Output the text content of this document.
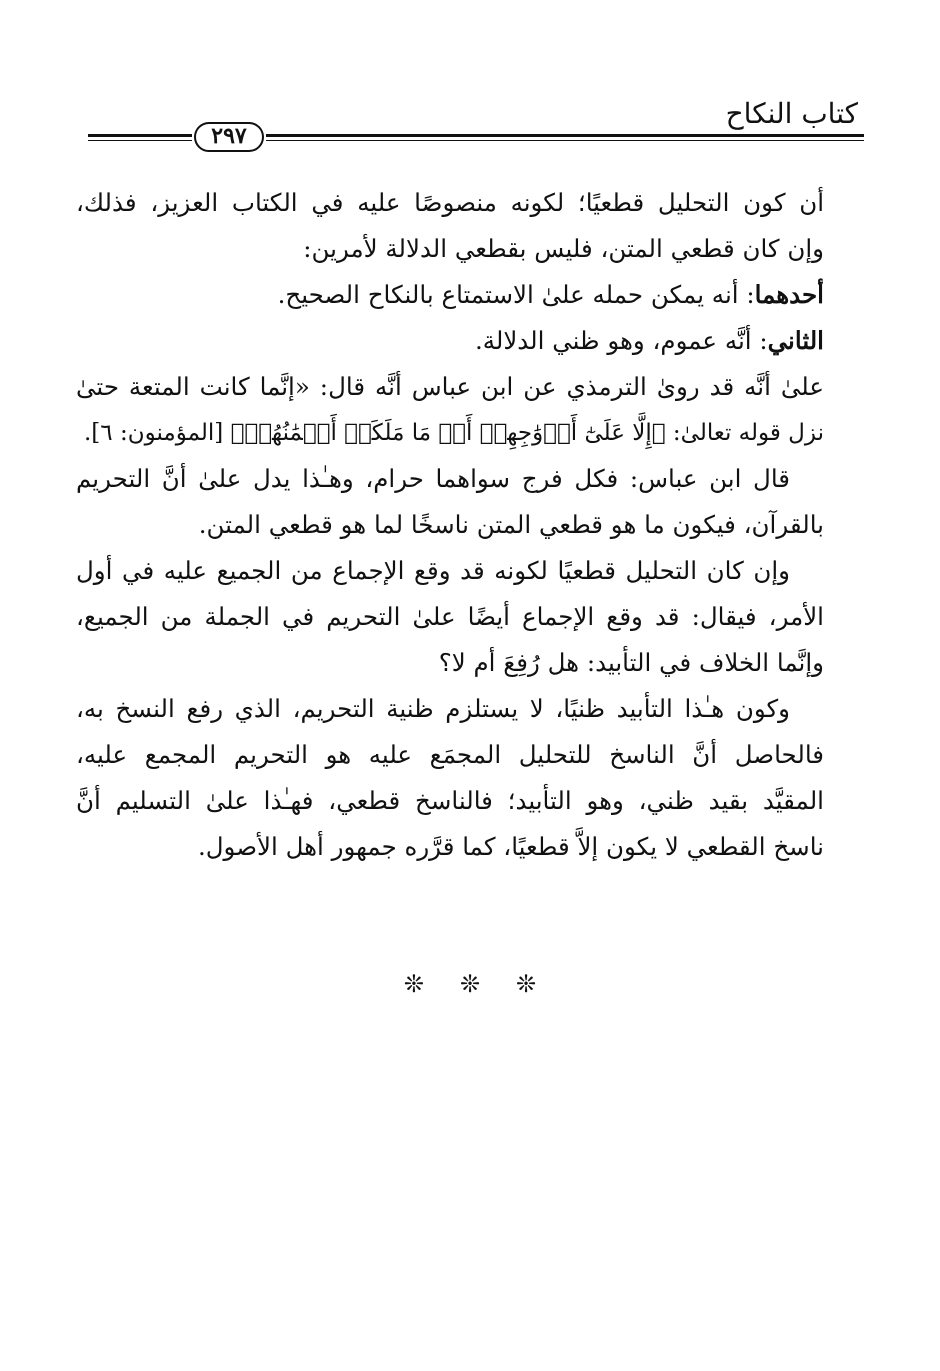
كتاب النكاح
٢٩٧
أن كون التحليل قطعيًا؛ لكونه منصوصًا عليه في الكتاب العزيز، فذلك،
وإن كان قطعي المتن، فليس بقطعي الدلالة لأمرين:
أحدهما: أنه يمكن حمله علىٰ الاستمتاع بالنكاح الصحيح.
الثاني: أنَّه عموم، وهو ظني الدلالة.
علىٰ أنَّه قد روىٰ الترمذي عن ابن عباس أنَّه قال: «إنَّما كانت المتعة حتىٰ
نزل قوله تعالىٰ: ﴿إِلَّا عَلَىٰٓ أَزۡوَٰجِهِمۡ أَوۡ مَا مَلَكَتۡ أَيۡمَٰنُهُمۡ﴾ [المؤمنون: ٦].
قال ابن عباس: فكل فرج سواهما حرام، وهـٰذا يدل علىٰ أنَّ التحريم
بالقرآن، فيكون ما هو قطعي المتن ناسخًا لما هو قطعي المتن.
وإن كان التحليل قطعيًا لكونه قد وقع الإجماع من الجميع عليه في أول
الأمر، فيقال: قد وقع الإجماع أيضًا علىٰ التحريم في الجملة من الجميع،
وإنَّما الخلاف في التأبيد: هل رُفِعَ أم لا؟
وكون هـٰذا التأبيد ظنيًا، لا يستلزم ظنية التحريم، الذي رفع النسخ به،
فالحاصل أنَّ الناسخ للتحليل المجمَع عليه هو التحريم المجمع عليه،
المقيَّد بقيد ظني، وهو التأبيد؛ فالناسخ قطعي، فهـٰذا علىٰ التسليم أنَّ
ناسخ القطعي لا يكون إلاَّ قطعيًا، كما قرَّره جمهور أهل الأصول.
❊ ❊ ❊
